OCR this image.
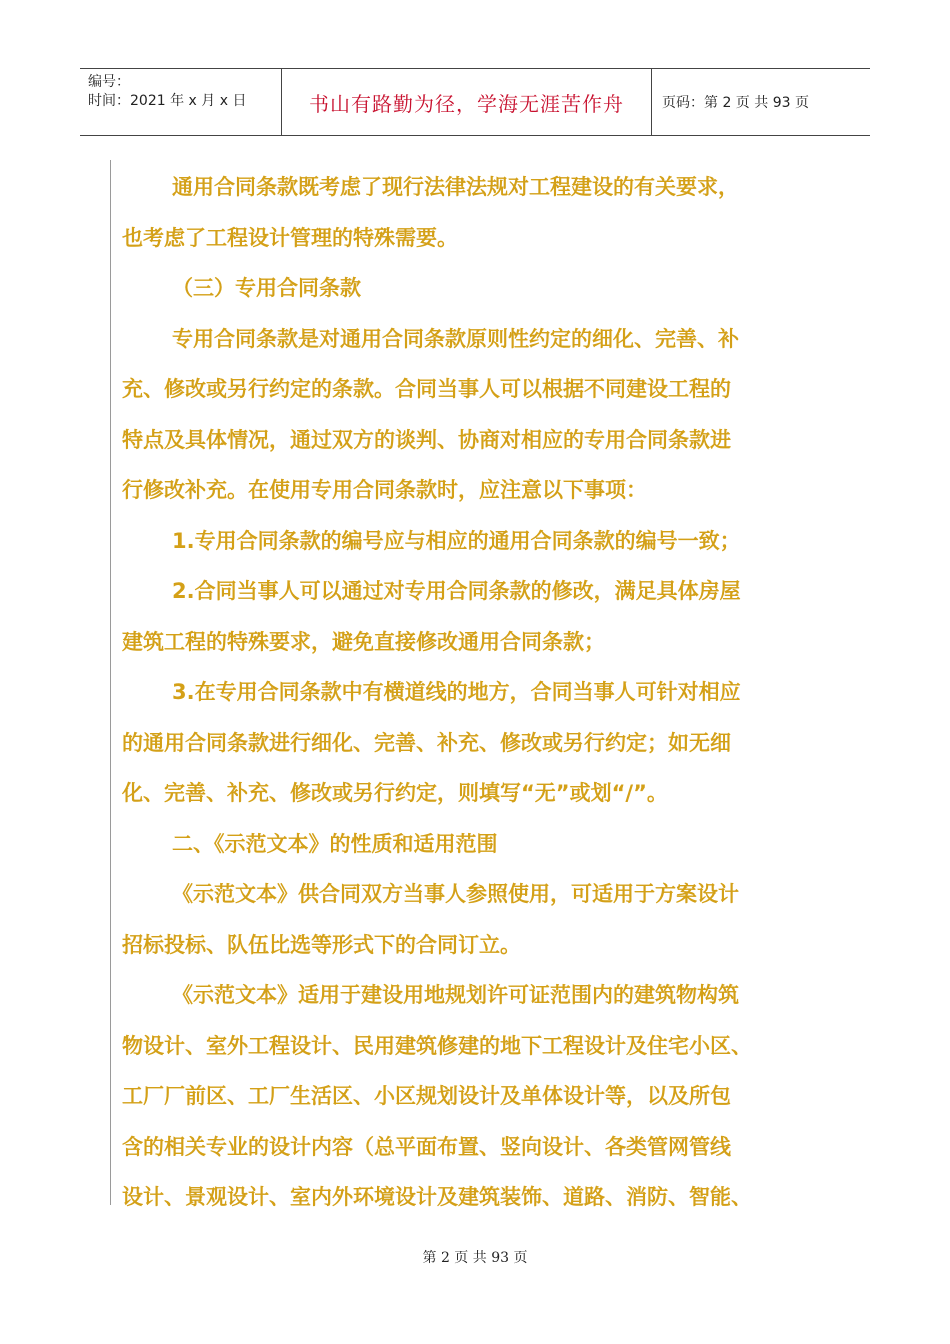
编号：
时间：2021 年 x 月 x 日	书山有路勤为径，学海无涯苦作舟	页码：第 2 页 共 93 页
通用合同条款既考虑了现行法律法规对工程建设的有关要求，
也考虑了工程设计管理的特殊需要。
（三）专用合同条款
专用合同条款是对通用合同条款原则性约定的细化、完善、补
充、修改或另行约定的条款。合同当事人可以根据不同建设工程的
特点及具体情况，通过双方的谈判、协商对相应的专用合同条款进
行修改补充。在使用专用合同条款时，应注意以下事项：
1.专用合同条款的编号应与相应的通用合同条款的编号一致；
2.合同当事人可以通过对专用合同条款的修改，满足具体房屋
建筑工程的特殊要求，避免直接修改通用合同条款；
3.在专用合同条款中有横道线的地方，合同当事人可针对相应
的通用合同条款进行细化、完善、补充、修改或另行约定；如无细
化、完善、补充、修改或另行约定，则填写“无”或划“/”。
二、《示范文本》的性质和适用范围
《示范文本》供合同双方当事人参照使用，可适用于方案设计
招标投标、队伍比选等形式下的合同订立。
《示范文本》适用于建设用地规划许可证范围内的建筑物构筑
物设计、室外工程设计、民用建筑修建的地下工程设计及住宅小区、
工厂厂前区、工厂生活区、小区规划设计及单体设计等，以及所包
含的相关专业的设计内容（总平面布置、竖向设计、各类管网管线
设计、景观设计、室内外环境设计及建筑装饰、道路、消防、智能、
第 2 页 共 93 页
